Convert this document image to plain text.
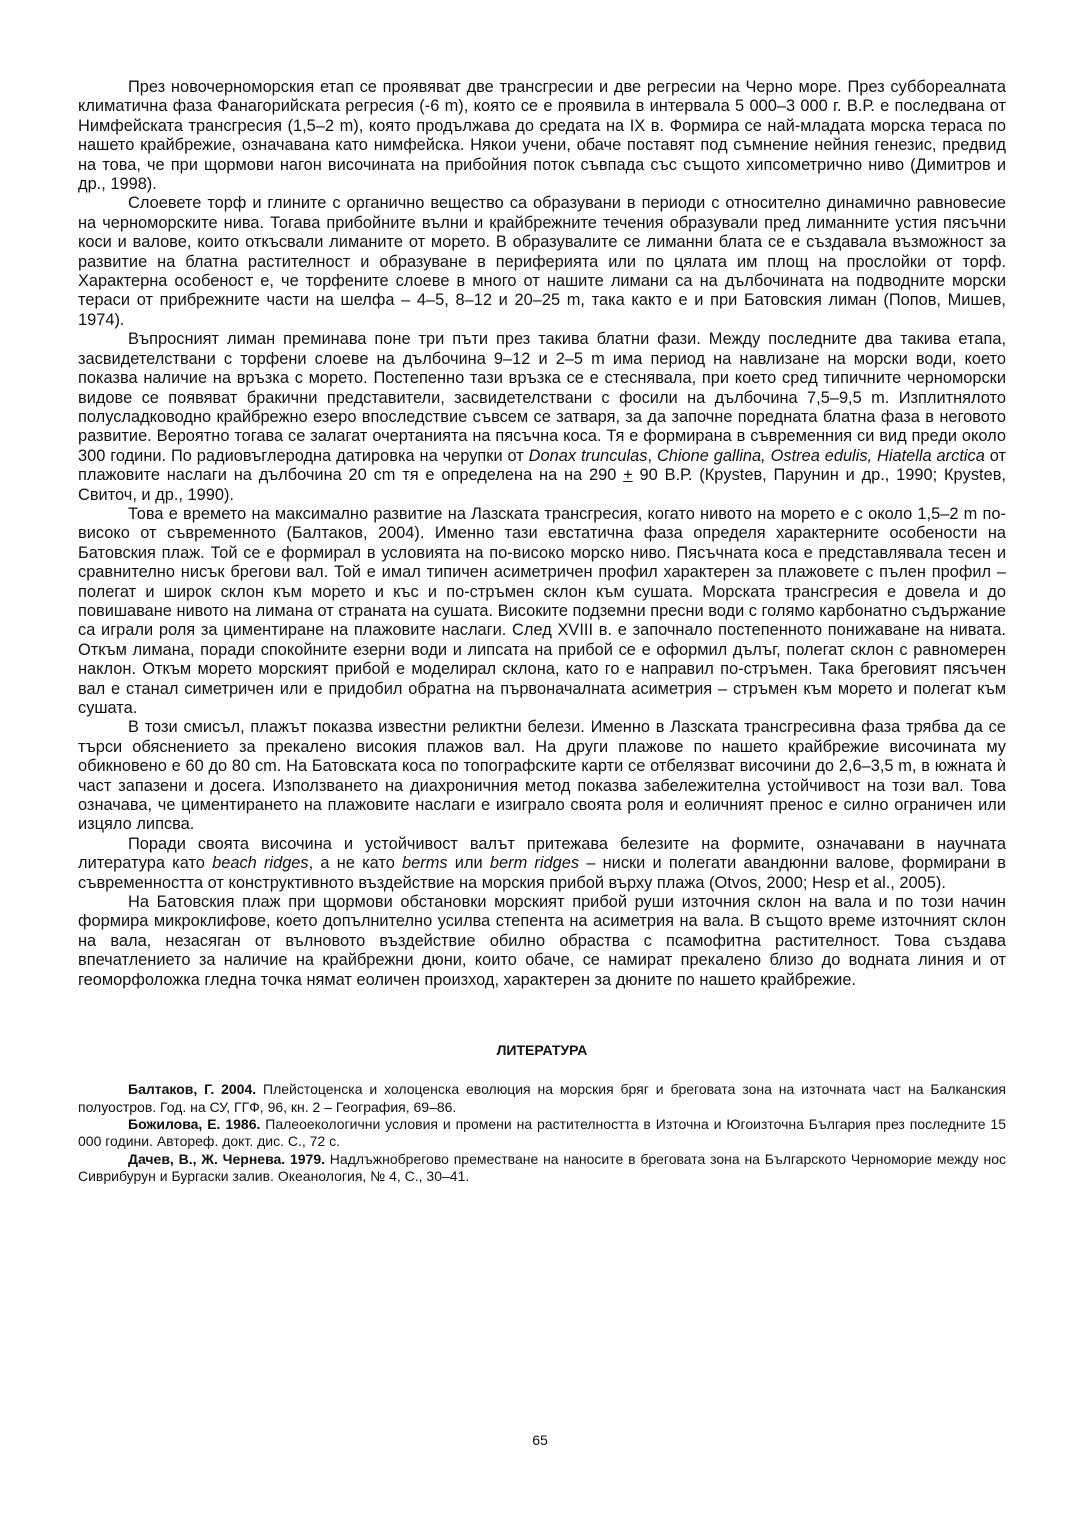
През новочерноморския етап се проявяват две трансгресии и две регресии на Черно море. През суббореалната климатична фаза Фанагорийската регресия (-6 m), която се е проявила в интервала 5 000–3 000 г. В.Р. е последвана от Нимфейската трансгресия (1,5–2 m), която продължава до средата на IX в. Формира се най-младата морска тераса по нашето крайбрежие, означавана като нимфейска. Някои учени, обаче поставят под съмнение нейния генезис, предвид на това, че при щормови нагон височината на прибойния поток съвпада със същото хипсометрично ниво (Димитров и др., 1998).

Слоевете торф и глините с органично вещество са образувани в периоди с относително динамично равновесие на черноморските нива. Тогава прибойните вълни и крайбрежните течения образували пред лиманните устия пясъчни коси и валове, които откъсвали лиманите от морето. В образувалите се лиманни блата се е създавала възможност за развитие на блатна растителност и образуване в периферията или по цялата им площ на прослойки от торф. Характерна особеност е, че торфените слоеве в много от нашите лимани са на дълбочината на подводните морски тераси от прибрежните части на шелфа – 4–5, 8–12 и 20–25 m, така както е и при Батовския лиман (Попов, Мишев, 1974).

Въпросният лиман преминава поне три пъти през такива блатни фази. Между последните два такива етапа, засвидетелствани с торфени слоеве на дълбочина 9–12 и 2–5 m има период на навлизане на морски води, което показва наличие на връзка с морето. Постепенно тази връзка се е стеснявала, при което сред типичните черноморски видове се появяват бракични представители, засвидетелствани с фосили на дълбочина 7,5–9,5 m. Изплитнялото полусладководно крайбрежно езеро впоследствие съвсем се затваря, за да започне поредната блатна фаза в неговото развитие. Вероятно тогава се залагат очертанията на пясъчна коса. Тя е формирана в съвременния си вид преди около 300 години. По радиовъглеродна датировка на черупки от Donax trunculas, Chione gallina, Ostrea edulis, Hiatella arctica от плажовите наслаги на дълбочина 20 cm тя е определена на на 290 + 90 В.Р. (Крystев, Парунин и др., 1990; Крystев, Свиточ, и др., 1990).

Това е времето на максимално развитие на Лазската трансгресия, когато нивото на морето е с около 1,5–2 m по-високо от съвременното (Балтаков, 2004). Именно тази евстатична фаза определя характерните особености на Батовския плаж. Той се е формирал в условията на по-високо морско ниво. Пясъчната коса е представлявала тесен и сравнително нисък брегови вал. Той е имал типичен асиметричен профил характерен за плажовете с пълен профил – полегат и широк склон към морето и къс и по-стръмен склон към сушата. Морската трансгресия е довела и до повишаване нивото на лимана от страната на сушата. Високите подземни пресни води с голямо карбонатно съдържание са играли роля за циментиране на плажовите наслаги. След XVIII в. е започнало постепенното понижаване на нивата. Откъм лимана, поради спокойните езерни води и липсата на прибой се е оформил дълъг, полегат склон с равномерен наклон. Откъм морето морският прибой е моделирал склона, като го е направил по-стръмен. Така бреговият пясъчен вал е станал симетричен или е придобил обратна на първоначалната асиметрия – стръмен към морето и полегат към сушата.

В този смисъл, плажът показва известни реликтни белези. Именно в Лазската трансгресивна фаза трябва да се търси обяснението за прекалено високия плажов вал. На други плажове по нашето крайбрежие височината му обикновено е 60 до 80 cm. На Батовската коса по топографските карти се отбелязват височини до 2,6–3,5 m, в южната ѝ част запазени и досега. Използването на диахроничния метод показва забележителна устойчивост на този вал. Това означава, че циментирането на плажовите наслаги е изиграло своята роля и еоличният пренос е силно ограничен или изцяло липсва.

Поради своята височина и устойчивост валът притежава белезите на формите, означавани в научната литература като beach ridges, а не като berms или berm ridges – ниски и полегати авандюнни валове, формирани в съвременността от конструктивното въздействие на морския прибой върху плажа (Otvos, 2000; Hesp et al., 2005).

На Батовския плаж при щормови обстановки морският прибой руши източния склон на вала и по този начин формира микроклифове, което допълнително усилва степента на асиметрия на вала. В същото време източният склон на вала, незасяган от вълновото въздействие обилно обраства с псамофитна растителност. Това създава впечатлението за наличие на крайбрежни дюни, които обаче, се намират прекалено близо до водната линия и от геоморфоложка гледна точка нямат еоличен произход, характерен за дюните по нашето крайбрежие.

ЛИТЕРАТУРА

Балтаков, Г. 2004. Плейстоценска и холоценска еволюция на морския бряг и бреговата зона на източната част на Балканския полуостров. Год. на СУ, ГГФ, 96, кн. 2 – География, 69–86.

Божилова, Е. 1986. Палеоекологични условия и промени на растителността в Източна и Югоизточна България през последните 15 000 години. Автореф. докт. дис. С., 72 с.

Дачев, В., Ж. Чернева. 1979. Надлъжнобрегово преместване на наносите в бреговата зона на Българското Черноморие между нос Сиврибурун и Бургаски залив. Океанология, № 4, С., 30–41.

65
